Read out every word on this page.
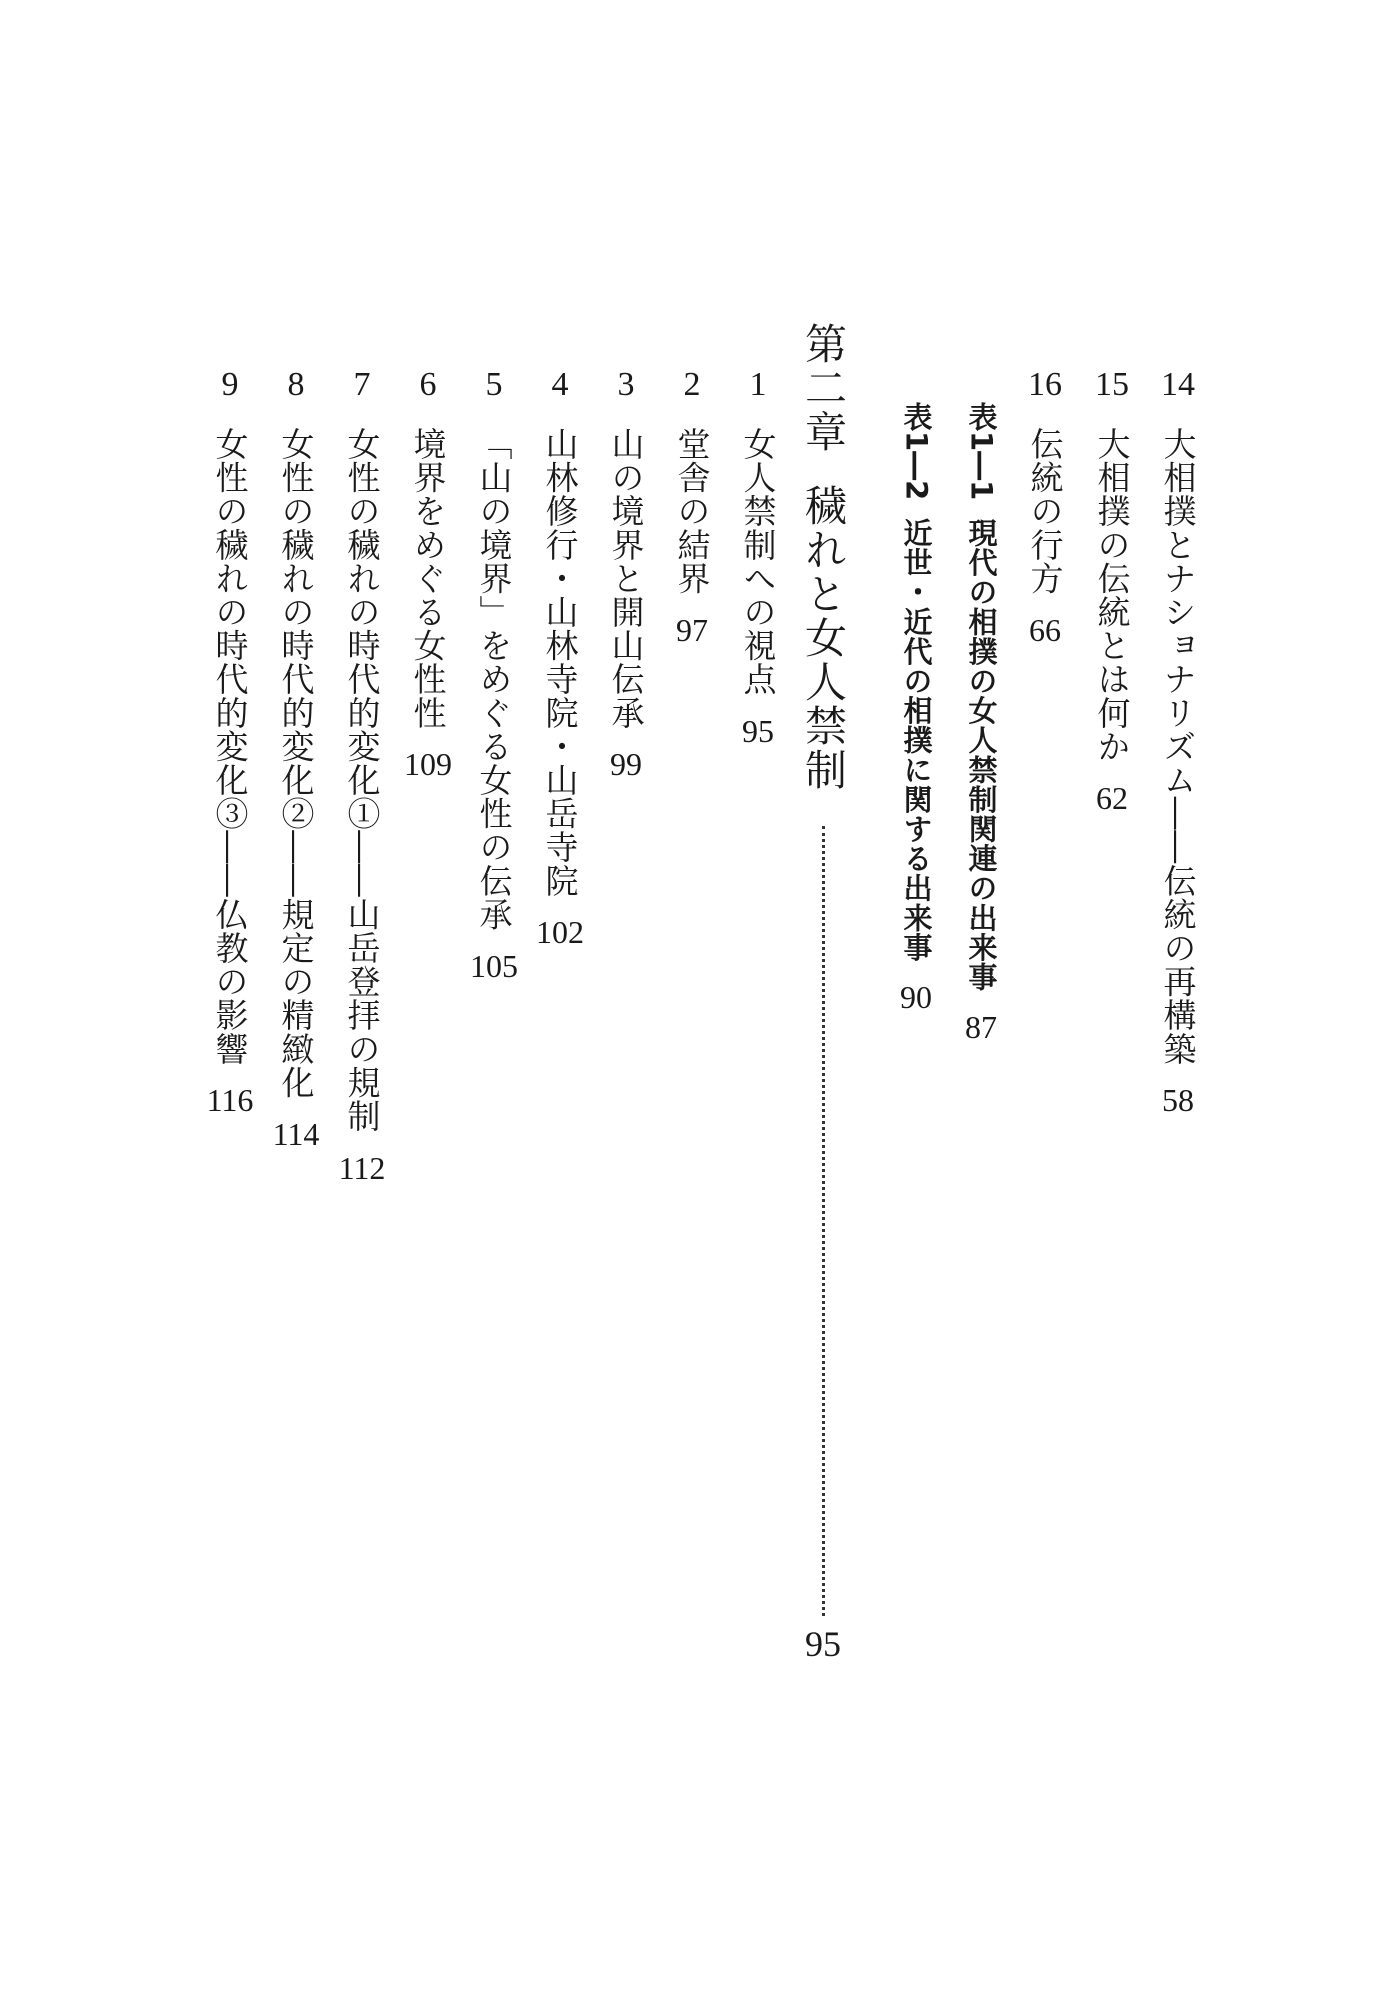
14
大相撲とナショナリズム――伝統の再構築
58
15
大相撲の伝統とは何か
62
16
伝統の行方
66
表1―1
現代の相撲の女人禁制関連の出来事
87
表1―2
近世・近代の相撲に関する出来事
90
第二章
穢れと女人禁制
95
1
女人禁制への視点
95
2
堂舎の結界
97
3
山の境界と開山伝承
99
4
山林修行・山林寺院・山岳寺院
102
5
「山の境界」をめぐる女性の伝承
105
6
境界をめぐる女性性
109
7
女性の穢れの時代的変化①――山岳登拝の規制
112
8
女性の穢れの時代的変化②――規定の精緻化
114
9
女性の穢れの時代的変化③――仏教の影響
116
